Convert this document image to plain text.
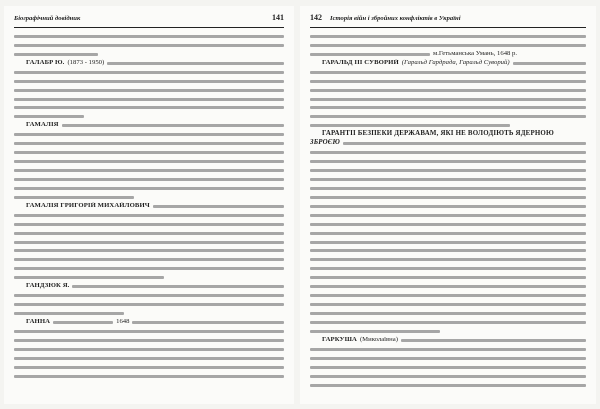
Біографічний довідник	141
ГАЛАБР Ю. (1873 - 1950)
ГАМАЛІЯ
ГАМАЛІЯ ГРИГОРІЙ МИХАЙЛОВИЧ
ГАНДЗЮК Я.
ГАННА	1648
142 Історія війн і збройних конфліктів в Україні
м.Гетьманська Умань, 1648 р.
ГАРАЛЬД III СУВОРИЙ (Гаральд Гардрада, Гаральд Суворий)
ГАРАНТІЇ БЕЗПЕКИ ДЕРЖАВАМ, ЯКІ НЕ ВОЛОДІЮТЬ ЯДЕРНОЮ
ЗБРОЄЮ
ГАРКУША (Миколаївна)
